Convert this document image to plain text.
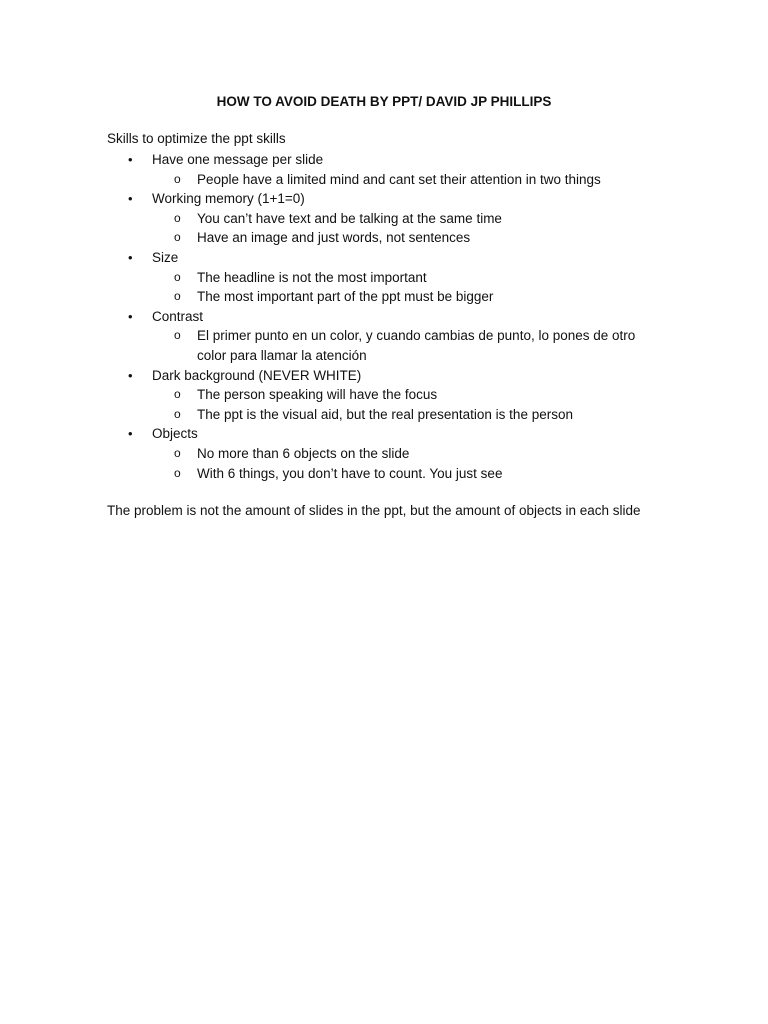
HOW TO AVOID DEATH BY PPT/ DAVID JP PHILLIPS

Skills to optimize the ppt skills

•	Have one message per slide
o People have a limited mind and cant set their attention in two things
•	Working memory (1+1=0)
o You can’t have text and be talking at the same time
o Have an image and just words, not sentences
•	Size
o The headline is not the most important
o The most important part of the ppt must be bigger
•	Contrast
o El primer punto en un color, y cuando cambias de punto, lo pones de otro color para llamar la atención
•	Dark background (NEVER WHITE)
o The person speaking will have the focus
o The ppt is the visual aid, but the real presentation is the person
•	Objects
o No more than 6 objects on the slide
o With 6 things, you don’t have to count. You just see

The problem is not the amount of slides in the ppt, but the amount of objects in each slide
